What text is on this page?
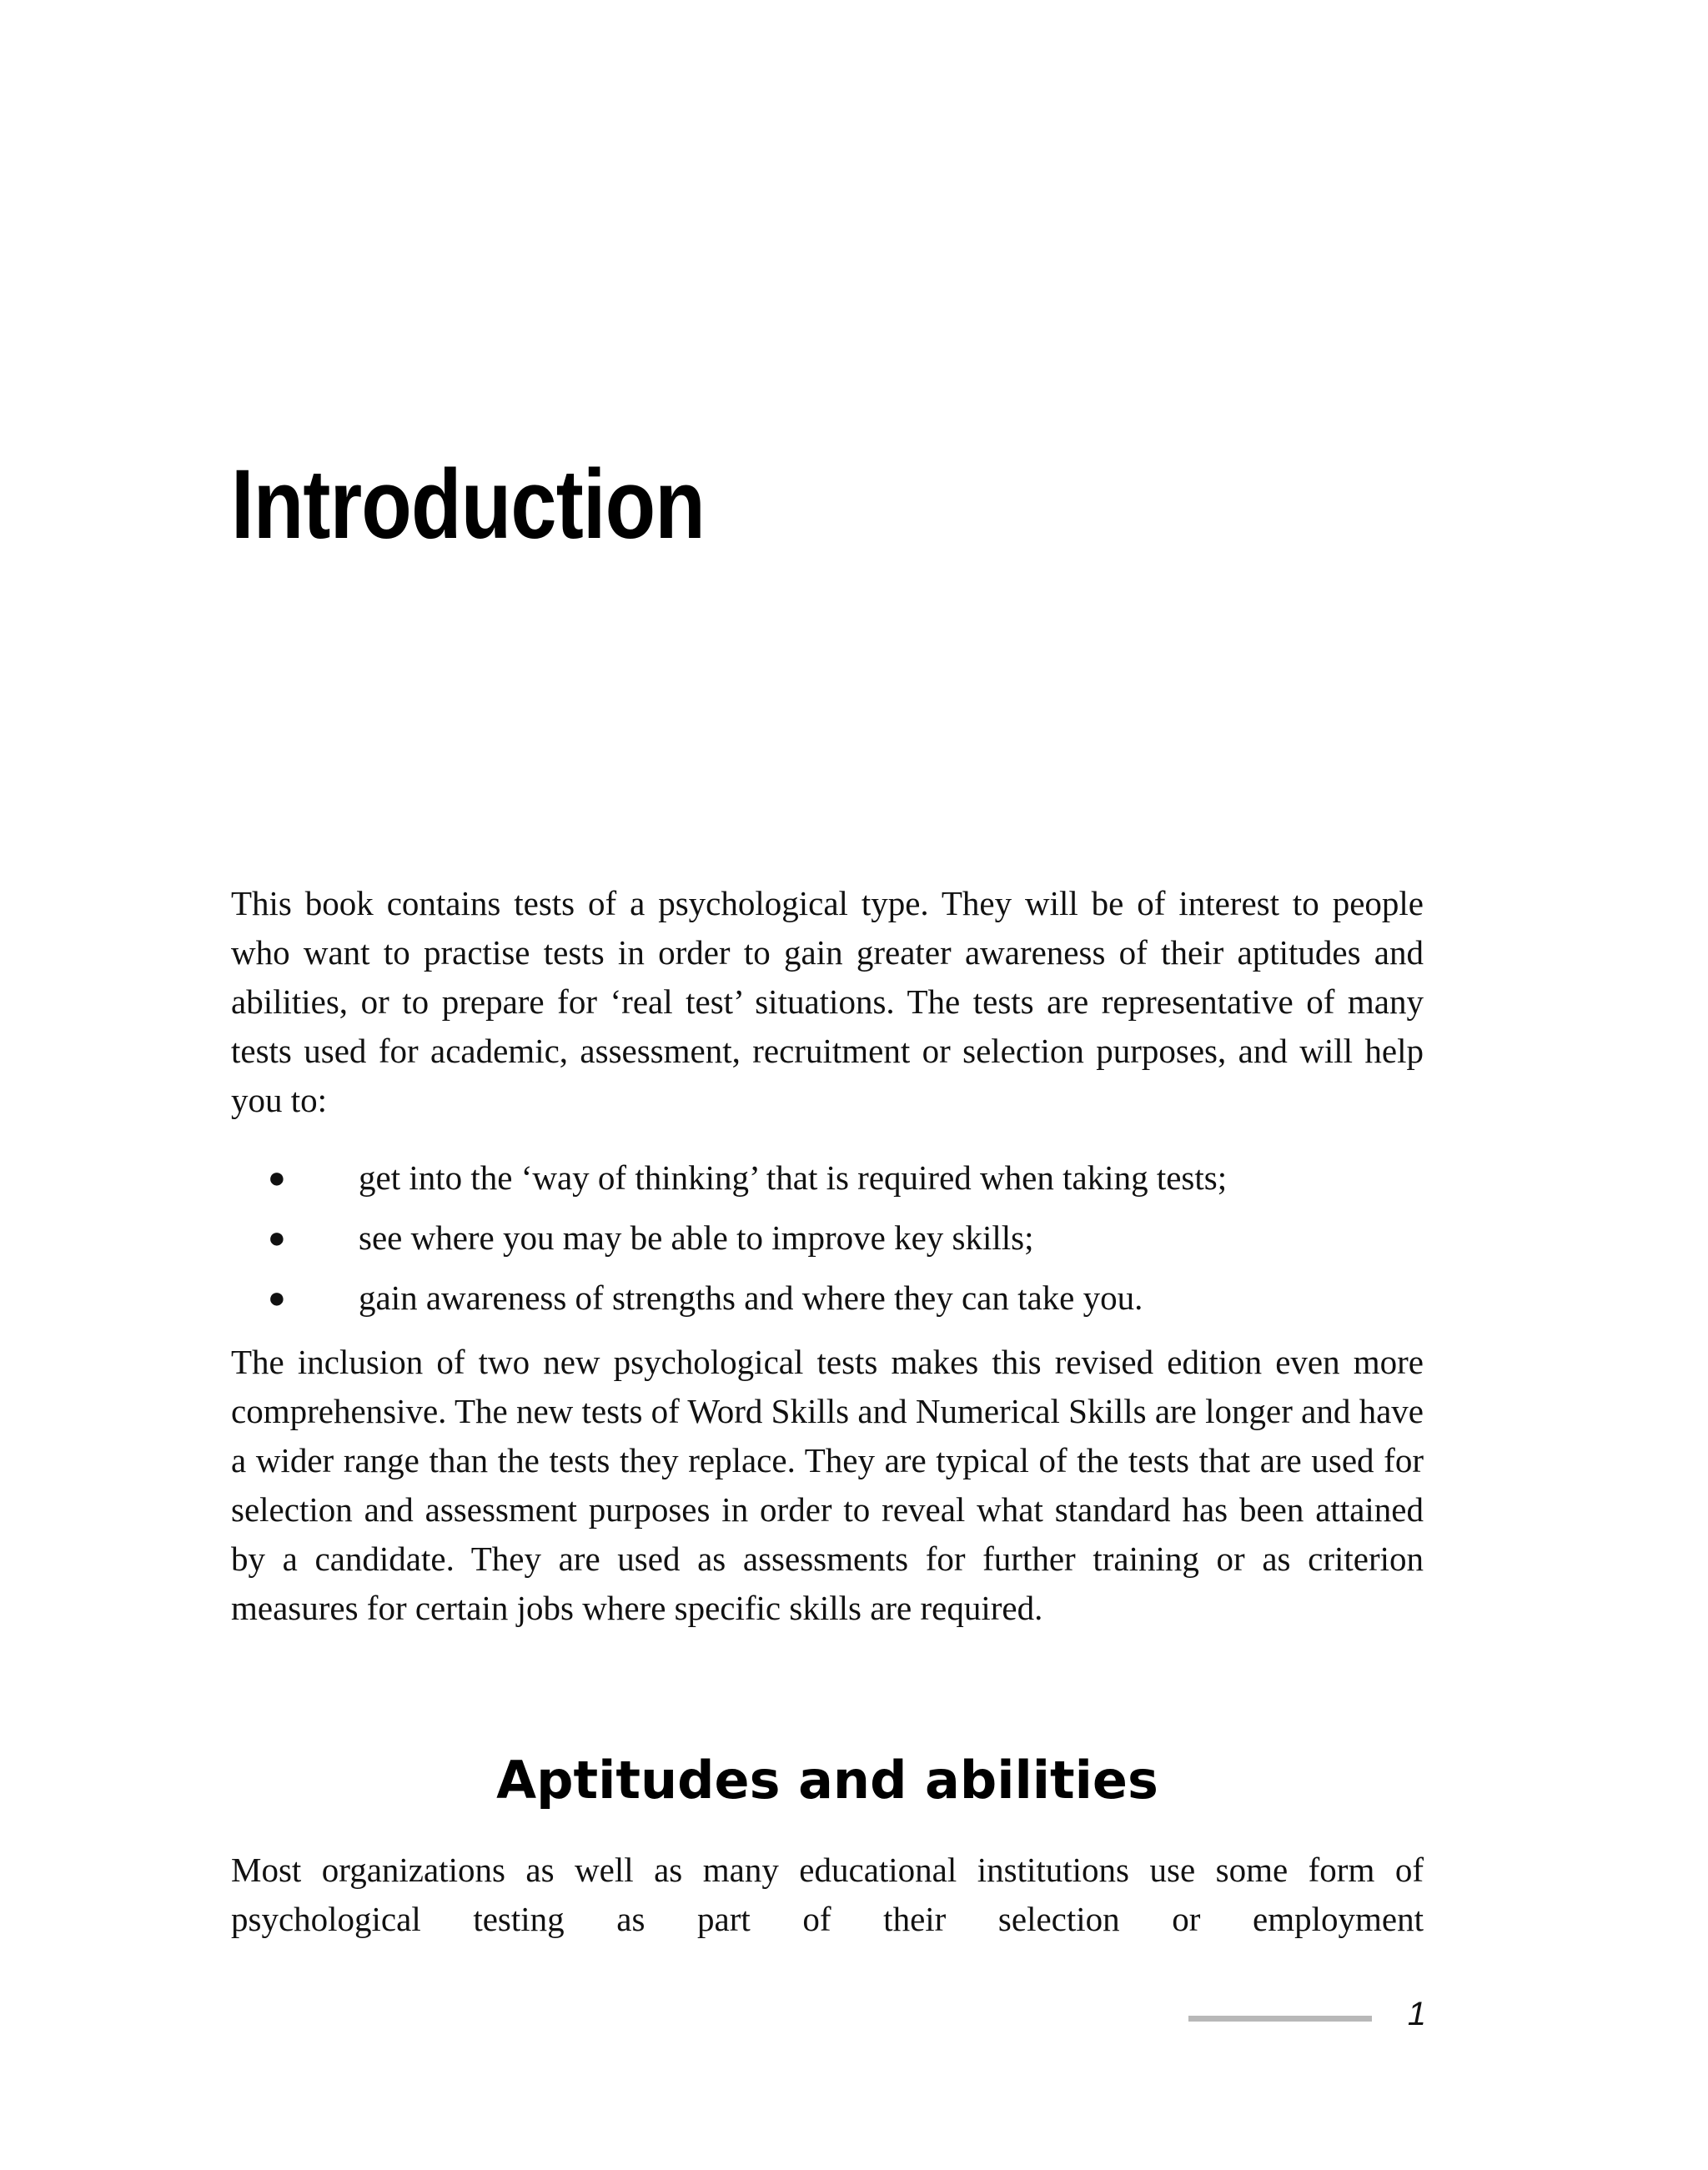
Introduction

This book contains tests of a psychological type. They will be of interest to people who want to practise tests in order to gain greater awareness of their aptitudes and abilities, or to prepare for ‘real test’ situations. The tests are representative of many tests used for academic, assessment, recruitment or selection purposes, and will help you to:

● get into the ‘way of thinking’ that is required when taking tests;
● see where you may be able to improve key skills;
● gain awareness of strengths and where they can take you.

The inclusion of two new psychological tests makes this revised edition even more comprehensive. The new tests of Word Skills and Numerical Skills are longer and have a wider range than the tests they replace. They are typical of the tests that are used for selection and assessment purposes in order to reveal what standard has been attained by a candidate. They are used as assessments for further training or as criterion measures for certain jobs where specific skills are required.

Aptitudes and abilities

Most organizations as well as many educational institutions use some form of psychological testing as part of their selection or employment

1
